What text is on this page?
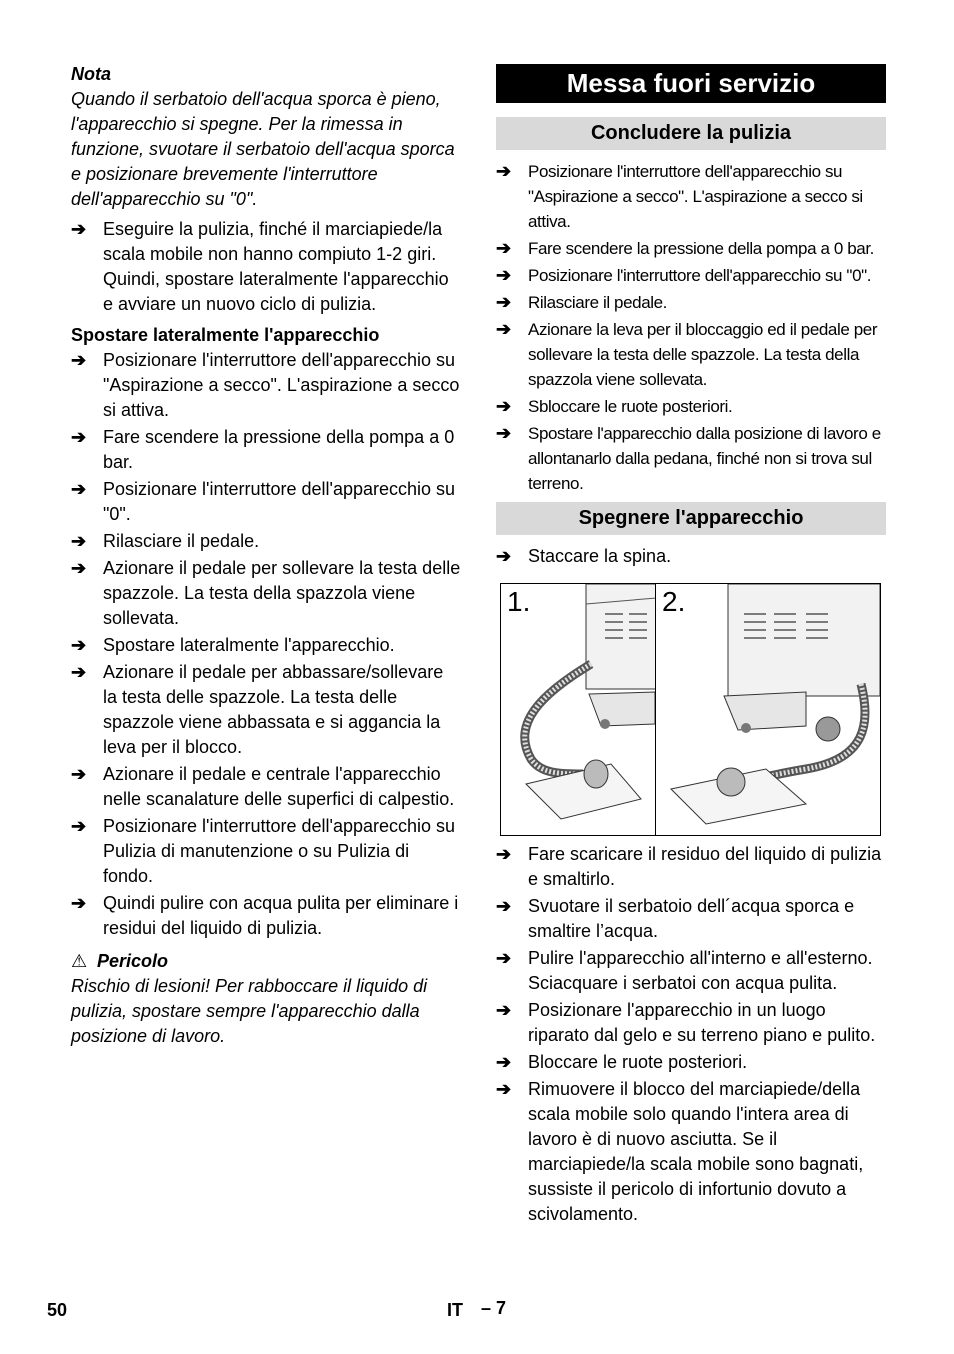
Nota

Quando il serbatoio dell'acqua sporca è pieno, l'apparecchio si spegne. Per la rimessa in funzione, svuotare il serbatoio dell'acqua sporca e posizionare brevemente l'interruttore dell'apparecchio su "0".

➔ Eseguire la pulizia, finché il marciapiede/la scala mobile non hanno compiuto 1-2 giri. Quindi, spostare lateralmente l'apparecchio e avviare un nuovo ciclo di pulizia.

Spostare lateralmente l'apparecchio

➔ Posizionare l'interruttore dell'apparecchio su "Aspirazione a secco". L'aspirazione a secco si attiva.
➔ Fare scendere la pressione della pompa a 0 bar.
➔ Posizionare l'interruttore dell'apparecchio su "0".
➔ Rilasciare il pedale.
➔ Azionare il pedale per sollevare la testa delle spazzole. La testa della spazzola viene sollevata.
➔ Spostare lateralmente l'apparecchio.
➔ Azionare il pedale per abbassare/sollevare la testa delle spazzole. La testa delle spazzole viene abbassata e si aggancia la leva per il blocco.
➔ Azionare il pedale e centrale l'apparecchio nelle scanalature delle superfici di calpestio.
➔ Posizionare l'interruttore dell'apparecchio su Pulizia di manutenzione o su Pulizia di fondo.
➔ Quindi pulire con acqua pulita per eliminare i residui del liquido di pulizia.

⚠ Pericolo

Rischio di lesioni! Per rabboccare il liquido di pulizia, spostare sempre l'apparecchio dalla posizione di lavoro.

Messa fuori servizio
Concludere la pulizia
➔ Posizionare l'interruttore dell'apparecchio su "Aspirazione a secco". L'aspirazione a secco si attiva.
➔ Fare scendere la pressione della pompa a 0 bar.
➔ Posizionare l'interruttore dell'apparecchio su "0".
➔ Rilasciare il pedale.
➔ Azionare la leva per il bloccaggio ed il pedale per sollevare la testa delle spazzole. La testa della spazzola viene sollevata.
➔ Sbloccare le ruote posteriori.
➔ Spostare l'apparecchio dalla posizione di lavoro e allontanarlo dalla pedana, finché non si trova sul terreno.
Spegnere l'apparecchio
➔ Staccare la spina.
1.	2.
➔ Fare scaricare il residuo del liquido di pulizia e smaltirlo.
➔ Svuotare il serbatoio dell´acqua sporca e smaltire l’acqua.
➔ Pulire l'apparecchio all'interno e all'esterno. Sciacquare i serbatoi con acqua pulita.
➔ Posizionare l'apparecchio in un luogo riparato dal gelo e su terreno piano e pulito.
➔ Bloccare le ruote posteriori.
➔ Rimuovere il blocco del marciapiede/della scala mobile solo quando l'intera area di lavoro è di nuovo asciutta. Se il marciapiede/la scala mobile sono bagnati, sussiste il pericolo di infortunio dovuto a scivolamento.
50	IT – 7
